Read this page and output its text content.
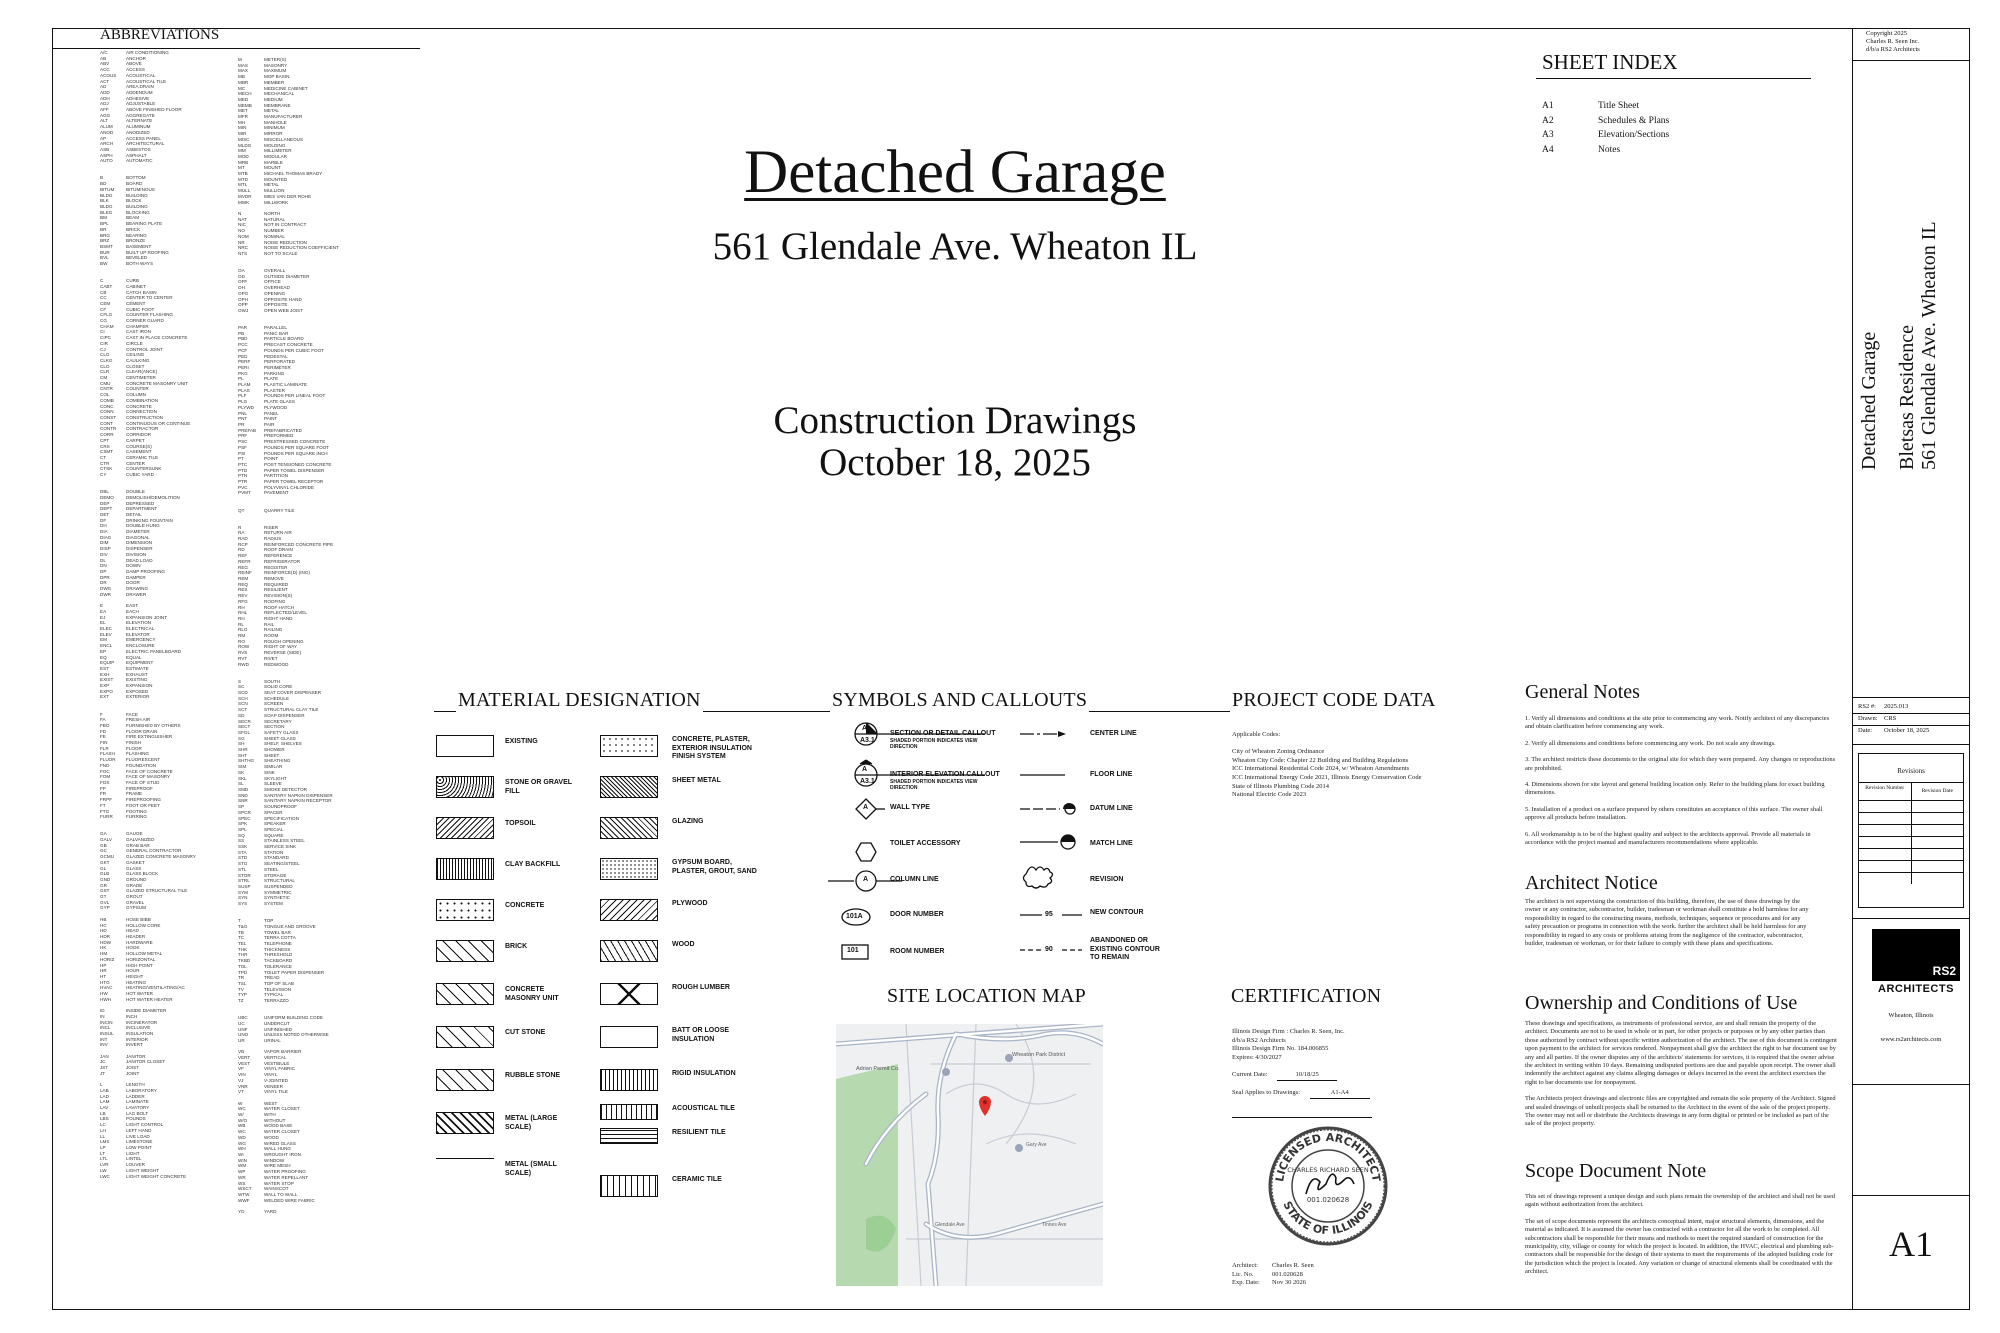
ABBREVIATIONS
A/C	AIR CONDITIONING
AB	ANCHOR
ABV	ABOVE
ACC	ACCESS
ACOUS ACOUSTICAL
ACT	ACOUSTICAL TILE
AD	AREA DRAIN
ADD	ADDENDUM
ADH	ADHESIVE
ADJ	ADJUSTABLE
AFF	ABOVE FINISHED FLOOR
AGG	AGGREGATE
ALT	ALTERNATE
ALUM	ALUMINUM
ANOD	ANODIZED
AP	ACCESS PANEL
ARCH	ARCHITECTURAL
ASB	ASBESTOS
ASPH	ASPHALT
AUTO	AUTOMATIC

B	BOTTOM
BD	BOARD
BITUM	BITUMINOUS
BLDG	BUILDING
BLK	BLOCK
BLDG	BUILDING
BLKG	BLOCKING
BM	BEAM
BPL	BEARING PLATE
BR	BRICK
BRG	BEARING
BRZ	BRONZE
BSMT	BASEMENT
BUR	BUILT UP ROOFING
BVL	BEVELED
BW	BOTH WAYS

C	CURB
CABT	CABINET
CB	CATCH BASIN
CC	CENTER TO CENTER
CEM	CEMENT
CF	CUBIC FOOT
CFLG	COUNTER FLASHING
CG	CORNER GUARD
CHAM	CHAMFER
CI	CAST IRON
CIPC	CAST IN PLACE CONCRETE
CIR	CIRCLE
CJ	CONTROL JOINT
CLG	CEILING
CLKG	CAULKING
CLO	CLOSET
CLR	CLEAR(ANCE)
CM	CENTIMETER
CMU	CONCRETE MASONRY UNIT
CNTR	COUNTER
COL	COLUMN
COMB	COMBINATION
CONC	CONCRETE
CONN	CONNECTION
CONST CONSTRUCTION
CONT	CONTINUOUS OR CONTINUE
CONTR CONTRACTOR
CORR	CORRIDOR
CPT	CARPET
CRS	COURSE(S)
CSMT	CASEMENT
CT	CERAMIC TILE
CTR	CENTER
CTSK	COUNTERSUNK
CY	CUBIC YARD

DBL	DOUBLE
DEMO	DEMOLISH/DEMOLITION
DEP	DEPRESSED
DEPT	DEPARTMENT
DET	DETAIL
DF	DRINKING FOUNTAIN
DH	DOUBLE HUNG
DIA	DIAMETER
DIAG	DIAGONAL
DIM	DIMENSION
DISP	DISPENSER
DIV	DIVISION
DL	DEAD LOAD
DN	DOWN
DP	DAMP PROOFING
DPR	DAMPER
DR	DOOR
DWG	DRAWING
DWR	DRAWER

E	EAST
EA	EACH
EJ	EXPANSION JOINT
EL	ELEVATION
ELEC	ELECTRICAL
ELEV	ELEVATOR
EM	EMERGENCY
ENCL	ENCLOSURE
EP	ELECTRIC PANELBOARD
EQ	EQUAL
EQUIP	EQUIPMENT
EST	ESTIMATE
EXH	EXHAUST
EXIST	EXISTING
EXP	EXPANSION
EXPO	EXPOSED
EXT	EXTERIOR

F	FACE
FA	FRESH AIR
FBO	FURNISHED BY OTHERS
FD	FLOOR DRAIN
FE	FIRE EXTINGUISHER
FIN	FINISH
FLR	FLOOR
FLASH FLASHING
FLUOR FLUORESCENT
FND	FOUNDATION
FOC	FACE OF CONCRETE
FOM	FACE OF MASONRY
FOS	FACE OF STUD
FP	FIREPROOF
FR	FRAME
FRPF	FIREPROOFING
FT	FOOT OR FEET
FTG	FOOTING
FURR	FURRING

GA	GAUGE
GALV	GALVANIZED
GB	GRAB BAR
GC	GENERAL CONTRACTOR
GCMU	GLAZED CONCRETE MASONRY
GKT	GASKET
GL	GLASS
GLB	GLASS BLOCK
GND	GROUND
GR	GRADE
GST	GLAZED STRUCTURAL TILE
GT	GROUT
GVL	GRAVEL
GYP	GYPSUM

HB	HOSE BIBB
HC	HOLLOW CORE
HD	HEAD
HDR	HEADER
HDW	HARDWARE
HK	HOOK
HM	HOLLOW METAL
HORIZ	HORIZONTAL
HP	HIGH POINT
HR	HOUR
HT	HEIGHT
HTG	HEATING
HVAC	HEATING/VENTILATING/AC
HW	HOT WATER
HWH	HOT WATER HEATER

ID	INSIDE DIAMETER
IN	INCH
INCIN	INCINERATOR
INCL	INCLUSIVE
INSUL	INSULATION
INT	INTERIOR
INV	INVERT

JAN	JANITOR
JC	JANITOR CLOSET
JST	JOIST
JT	JOINT

L	LENGTH
LAB	LABORATORY
LAD	LADDER
LAM	LAMINATE
LAV	LAVATORY
LB	LAG BOLT
LBS	POUNDS
LC	LIGHT CONTROL
LH	LEFT HAND
LL	LIVE LOAD
LMS	LIMESTONE
LP	LOW POINT
LT	LIGHT
LTL	LINTEL
LVR	LOUVER
LW	LIGHT WEIGHT
LWC	LIGHT WEIGHT CONCRETE
M	METER(S)
MAS	MASONRY
MAX	MAXIMUM
MB	MOP BASIN
MBR	MEMBER
MC	MEDICINE CABINET
MECH	MECHANICAL
MED	MEDIUM
MEMB	MEMBRANE
MET	METAL
MFR	MANUFACTURER
MH	MANHOLE
MIN	MINIMUM
MIR	MIRROR
MISC	MISCELLANEOUS
MLDG	MOLDING
MM	MILLIMETER
MOD	MODULAR
MRB	MARBLE
MT	MOUNT
MTB	MICHAEL THOMAS BRADY
MTD	MOUNTED
MTL	METAL
MULL	MULLION
MVDR	MIES VAN DER ROHE
MWK	MILLWORK

N	NORTH
NAT	NATURAL
NIC	NOT IN CONTRACT
NO	NUMBER
NOM	NOMINAL
NR	NOISE REDUCTION
NRC	NOISE REDUCTION COEFFICIENT
NTS	NOT TO SCALE

OA	OVERALL
OD	OUTSIDE DIAMETER
OFF	OFFICE
OH	OVERHEAD
OPG	OPENING
OPH	OPPOSITE HAND
OPP	OPPOSITE
OWJ	OPEN WEB JOIST

PAR	PARALLEL
PB	PANIC BAR
PBD	PARTICLE BOARD
PCC	PRECAST CONCRETE
PCF	POUNDS PER CUBIC FOOT
PED	PEDESTAL
PERF	PERFORATED
PERI	PERIMETER
PKG	PARKING
PL	PLATE
PLAM	PLASTIC LAMINATE
PLAS	PLASTER
PLF	POUNDS PER LINEAL FOOT
PLG	PLATE GLASS
PLYWD PLYWOOD
PNL	PANEL
PNT	PAINT
PR	PAIR
PREFAB PREFABRICATED
PRF	PREFORMED
PSC	PRESTRESSED CONCRETE
PSF	POUNDS PER SQUARE FOOT
PSI	POUNDS PER SQUARE INCH
PT	POINT
PTC	POST TENSIONED CONCRETE
PTD	PAPER TOWEL DISPENSER
PTN	PARTITION
PTR	PAPER TOWEL RECEPTOR
PVC	POLYVINYL CHLORIDE
PVMT	PAVEMENT

QT	QUARRY TILE

R	RISER
RA	RETURN AIR
RAD	RADIUS
RCP	REINFORCED CONCRETE PIPE
RD	ROOF DRAIN
REF	REFERENCE
REFR	REFRIGERATOR
REG	REGISTER
REINF	REINFORCE(D) (ING)
REM	REMOVE
REQ	REQUIRED
RES	RESILIENT
REV	REVISION(S)
RFG	ROOFING
RH	ROOF HATCH
RHL	REFLECTED/LEVEL
RH	RIGHT HAND
RL	RAIL
RLG	RAILING
RM	ROOM
RO	ROUGH OPENING
ROW	RIGHT OF WAY
RVS	REVERSE (SIDE)
RVT	RIVET
RWD	REDWOOD

S	SOUTH
SC	SOLID CORE
SCD	SEAT COVER DISPENSER
SCH	SCHEDULE
SCN	SCREEN
SCT	STRUCTURAL CLAY TILE
SD	SOAP DISPENSER
SECR	SECRETARY
SECT	SECTION
SFGL	SAFETY GLASS
SG	SHEET GLASS
SH	SHELF, SHELVES
SHR	SHOWER
SHT	SHEET
SHTHG SHEATHING
SIM	SIMILAR
SK	SINK
SKL	SKYLIGHT
SL	SLEEVE
SMD	SMOKE DETECTOR
SND	SANITARY NAPKIN DISPENSER
SNR	SANITARY NAPKIN RECEPTOR
SP	SOUNDPROOF
SPCR	SPACER
SPEC	SPECIFICATION
SPK	SPEAKER
SPL	SPECIAL
SQ	SQUARE
SS	STAINLESS STEEL
SSK	SERVICE SINK
STA	STATION
STD	STANDARD
STG	SEATING/STEEL
STL	STEEL
STOR	STORAGE
STRL	STRUCTURAL
SUSP	SUSPENDED
SYM	SYMMETRIC
SYN	SYNTHETIC
SYS	SYSTEM

T	TOP
T&G	TONGUE AND GROOVE
TB	TOWEL BAR
TC	TERRA COTTA
TEL	TELEPHONE
THK	THICKNESS
THR	THRESHOLD
TKBD	TACKBOARD
TOL	TOLERANCE
TPD	TOILET PAPER DISPENSER
TR	TREAD
TSL	TOP OF SLAB
TV	TELEVISION
TYP	TYPICAL
TZ	TERRAZZO

UBC	UNIFORM BUILDING CODE
UC	UNDERCUT
UNF	UNFINISHED
UNO	UNLESS NOTED OTHERWISE
UR	URINAL

VB	VAPOR BARRIER
VERT	VERTICAL
VEST	VESTIBULE
VF	VINYL FABRIC
VIN	VINYL
VJ	V-JOINTED
VNR	VENEER
VT	VINYL TILE

W	WEST
WC	WATER CLOSET
W/	WITH
W/O	WITHOUT
WB	WOOD BASE
WC	WATER CLOSET
WD	WOOD
WG	WIRED GLASS
WH	WALL HUNG
WI	WROUGHT IRON
WIN	WINDOW
WM	WIRE MESH
WP	WATER PROOFING
WR	WATER REPELLANT
WS	WATER STOP
WSCT	WAINSCOT
WTW	WALL TO WALL
WWF	WELDED WIRE FABRIC

YD	YARD
Detached Garage
561 Glendale Ave. Wheaton IL
Construction Drawings
October 18, 2025
SHEET INDEX
A1	Title Sheet
A2	Schedules & Plans
A3	Elevation/Sections
A4	Notes
MATERIAL DESIGNATION
EXISTING
STONE OR GRAVEL FILL
TOPSOIL
CLAY BACKFILL
CONCRETE
BRICK
CONCRETE MASONRY UNIT
CUT STONE
RUBBLE STONE
METAL (LARGE SCALE)
METAL (SMALL SCALE)
CONCRETE, PLASTER, EXTERIOR INSULATION FINISH SYSTEM
SHEET METAL
GLAZING
GYPSUM BOARD, PLASTER, GROUT, SAND
PLYWOOD
WOOD
ROUGH LUMBER
BATT OR LOOSE INSULATION
RIGID INSULATION
ACOUSTICAL TILE
RESILIENT TILE
CERAMIC TILE
SYMBOLS AND CALLOUTS
SECTION OR DETAIL CALLOUT
INTERIOR ELEVATION CALLOUT
WALL TYPE
TOILET ACCESSORY
COLUMN LINE
DOOR NUMBER
ROOM NUMBER
SHADED PORTION INDICATES VIEW DIRECTION
SHADED PORTION INDICATES VIEW DIRECTION
CENTER LINE
FLOOR LINE
DATUM LINE
MATCH LINE
REVISION
NEW CONTOUR
ABANDONED OR EXISTING CONTOUR TO REMAIN
A
A3.1
A
A3.1
A
A
101A
101
95
90
PROJECT CODE DATA
Applicable Codes:

City of Wheaton Zoning Ordinance
Wheaton City Code: Chapter 22 Building and Building Regulations
ICC International Residential Code 2024, w/ Wheaton Amendments
ICC International Energy Code 2021, Illinois Energy Conservation Code
State of Illinois Plumbing Code 2014
National Electric Code 2023
SITE LOCATION MAP
Adrian Permit Co.
Wheaton Park District
Glendale Ave
Gary Ave
Tinnes Ave
CERTIFICATION
Illinois Design Firm : Charles R. Seen, Inc.
d/b/a RS2 Architects
Illinois Design Firm No. 184.006855
Expires: 4/30/2027
Current Date:	10/18/25
Seal Applies to Drawings:	A1-A4
LICENSED ARCHITECT
STATE OF ILLINOIS
CHARLES RICHARD SEEN
001.020628
Architect: Charles R. Seen
Lic. No.	001.020628
Exp. Date: Nov 30 2026
General Notes

1. Verify all dimensions and conditions at the site prior to commencing any work. Notify architect of any discrepancies and obtain clarification before commencing any work.

2. Verify all dimensions and conditions before commencing any work. Do not scale any drawings.

3. The architect restricts these documents to the original site for which they were prepared. Any changes or reproductions are prohibited.

4. Dimensions shown for site layout and general building location only. Refer to the building plans for exact building dimensions.

5. Installation of a product on a surface prepared by others constitutes an acceptance of this surface. The owner shall approve all products before installation.

6. All workmanship is to be of the highest quality and subject to the architects approval. Provide all materials in accordance with the project manual and manufacturers recommendations where applicable.

Architect Notice
The architect is not supervising the construction of this building, therefore, the use of these drawings by the owner or any contractor, subcontractor, builder, tradesman or workman shall constitute a hold harmless for any responsibility in regard to the constructing means, methods, techniques, sequence or procedures and for any safety precaution or programs in connection with the work. further the architect shall be held harmless for any responsibility in regard to any costs or problems arising from the negligence of the contractor, subcontractor, builder, tradesman or workman, or for their failure to comply with these plans and specifications.
Ownership and Conditions of Use

These drawings and specifications, as instruments of professional service, are and shall remain the property of the architect. Documents are not to be used in whole or in part, for other projects or purposes or by any other parties than those authorized by contract without specific written authorization of the architect. The use of this document is contingent upon payment to the architect for services rendered. Nonpayment shall give the architect the right to bar document use by any and all parties. If the owner disputes any of the architects' statements for services, it is required that the owner advise the architect in writing within 10 days. Remaining undisputed portions are due and payable upon receipt. The owner shall indemnify the architect against any claims alleging damages or delays incurred in the event the architect exercises the right to bar documents use for nonpayment.

The Architects project drawings and electronic files are copyrighted and remain the sole property of the Architect. Signed and sealed drawings of unbuilt projects shall be returned to the Architect in the event of the sale of the project property. The owner may not sell or distribute the Architects drawings in any form digital or printed or be included as part of the sale of the project property.

Scope Document Note

This set of drawings represent a unique design and such plans remain the ownership of the architect and shall not be used again without authorization from the architect.

The set of scope documents represent the architects conceptual intent, major structural elements, dimensions, and the material as indicated. It is assumed the owner has contracted with a contractor for all the work to be completed. All subcontractors shall be responsible for their means and methods to meet the required standard of construction for the municipality, city, village or county for which the project is located. In addition, the HVAC, electrical and plumbing sub-contractors shall be responsible for the design of their systems to meet the requirements of the adopted building code for the jurisdiction which the project is located. Any variation or change of structural elements shall be coordinated with the architect.

Copyright 2025
Charles R. Seen Inc.
d/b/a RS2 Architects
Detached Garage Bletsas Residence 561 Glendale Ave. Wheaton IL
RS2 #: 2025.013
Drawn: CRS
Date: October 18, 2025
Revisions
Revision Number	Revision Date
RS2
ARCHITECTS
Wheaton, Illinois
www.rs2architects.com
A1
